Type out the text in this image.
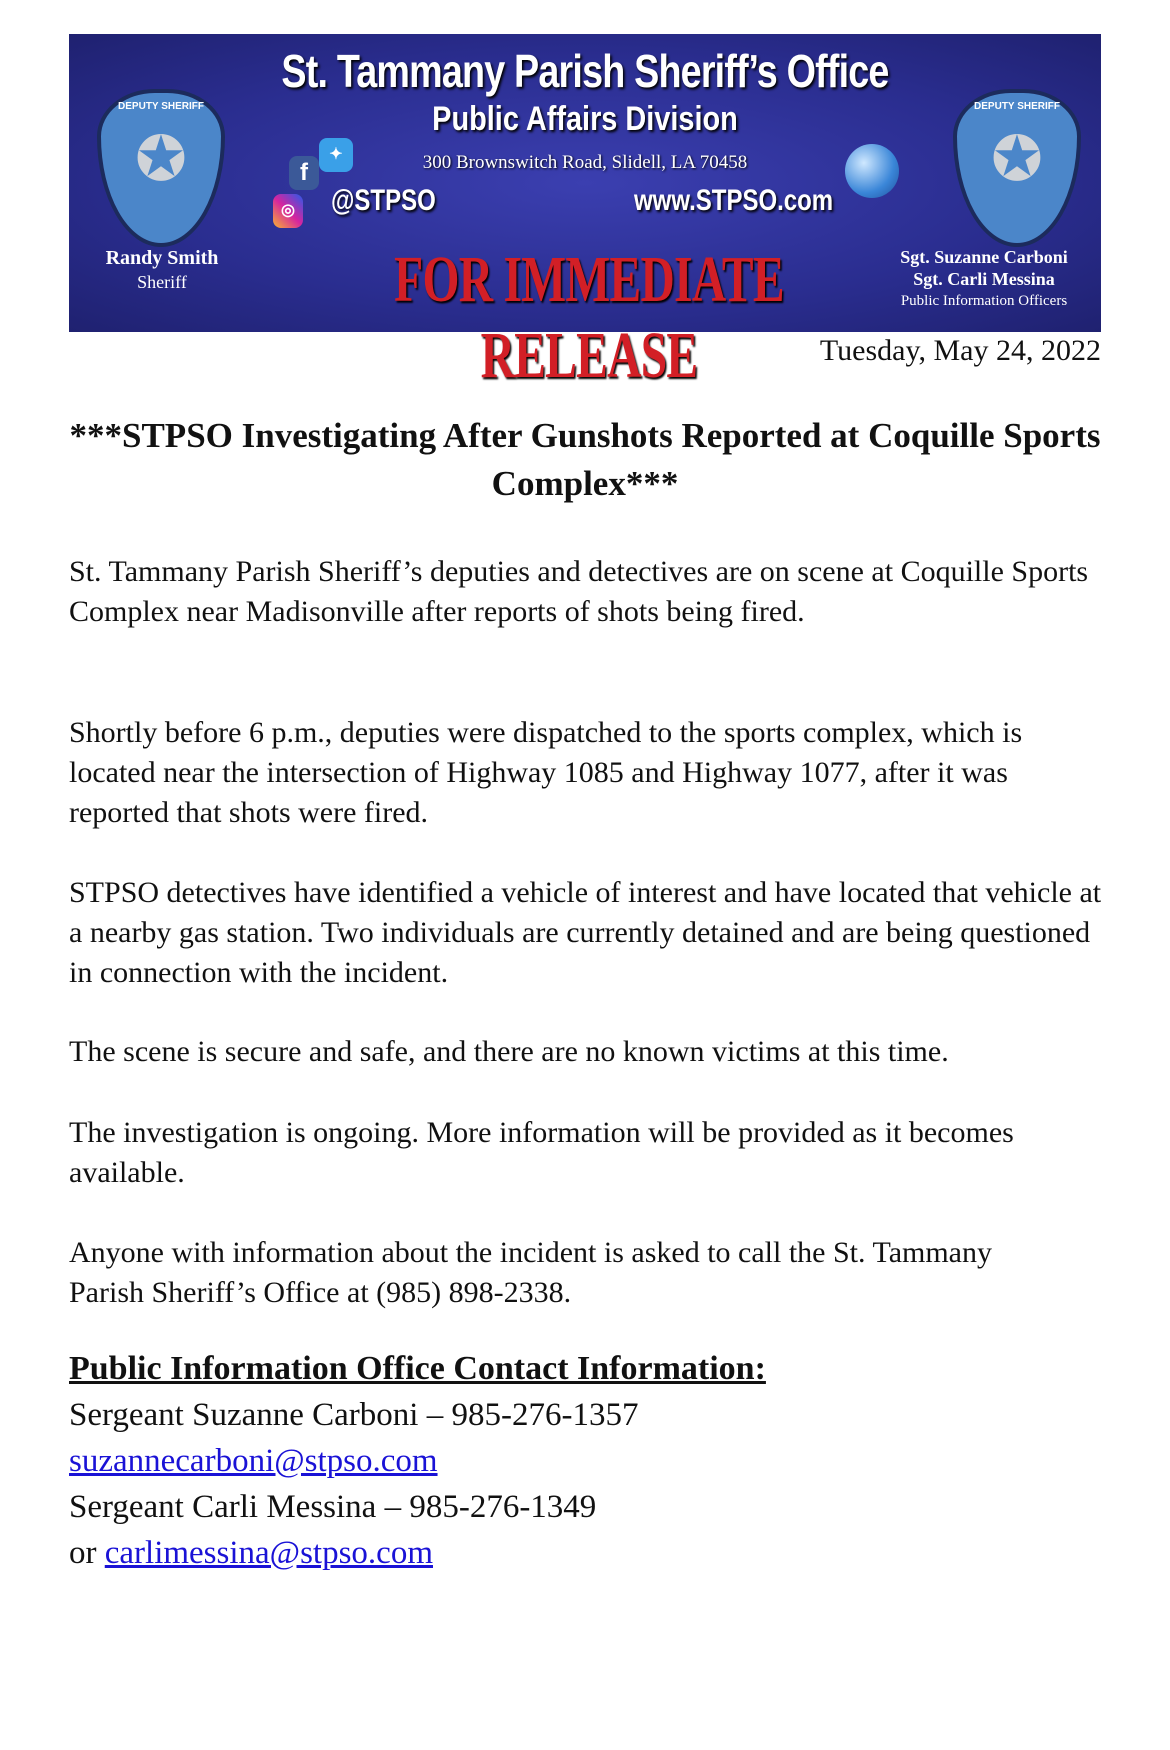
DEPUTY SHERIFF
✪
DEPUTY SHERIFF
✪
St. Tammany Parish Sheriff’s Office
Public Affairs Division
300 Brownswitch Road, Slidell, LA 70458
◎
f
✦
@STPSO	www.STPSO.com
FOR IMMEDIATE RELEASE
Randy Smith
Sheriff
Sgt. Suzanne Carboni
Sgt. Carli Messina
Public Information Officers
Tuesday, May 24, 2022
***STPSO Investigating After Gunshots Reported at Coquille Sports Complex***

St. Tammany Parish Sheriff’s deputies and detectives are on scene at Coquille Sports Complex near Madisonville after reports of shots being fired.

Shortly before 6 p.m., deputies were dispatched to the sports complex, which is located near the intersection of Highway 1085 and Highway 1077, after it was reported that shots were fired.

STPSO detectives have identified a vehicle of interest and have located that vehicle at a nearby gas station. Two individuals are currently detained and are being questioned in connection with the incident.

The scene is secure and safe, and there are no known victims at this time.

The investigation is ongoing. More information will be provided as it becomes available.

Anyone with information about the incident is asked to call the St. Tammany Parish Sheriff’s Office at (985) 898-2338.

Public Information Office Contact Information:
Sergeant Suzanne Carboni – 985-276-1357 suzannecarboni@stpso.com
Sergeant Carli Messina – 985-276-1349
or carlimessina@stpso.com
